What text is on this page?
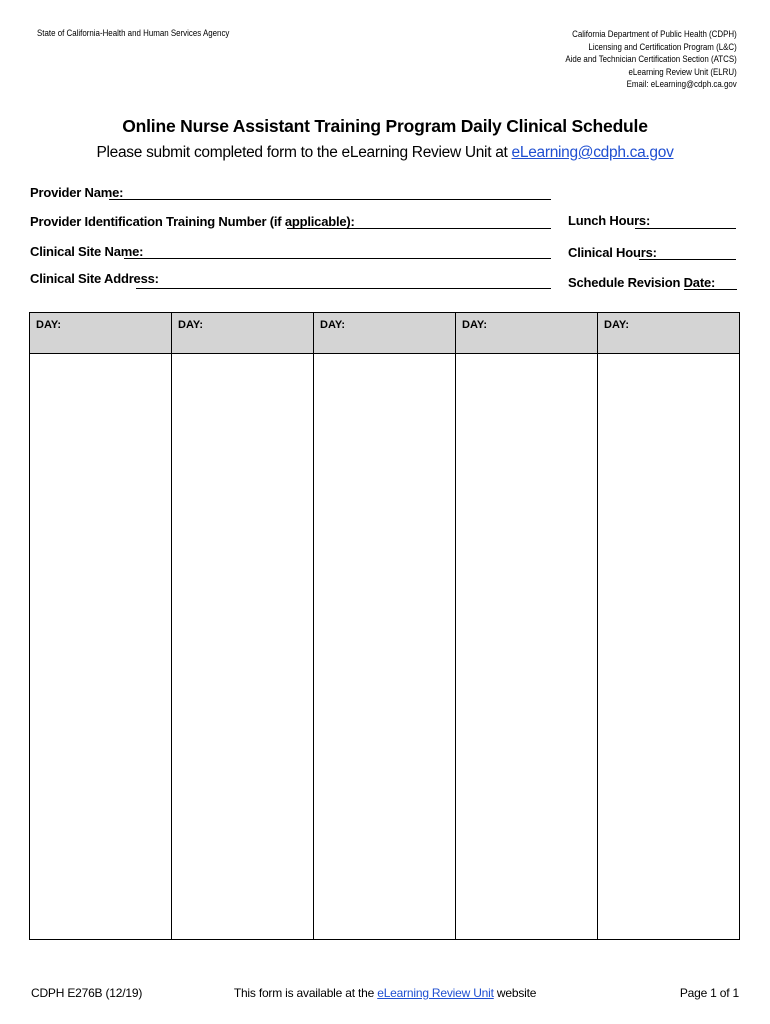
State of California-Health and Human Services Agency	California Department of Public Health (CDPH)
Licensing and Certification Program (L&C)
Aide and Technician Certification Section (ATCS)
eLearning Review Unit (ELRU)
Email: eLearning@cdph.ca.gov
Online Nurse Assistant Training Program Daily Clinical Schedule
Please submit completed form to the eLearning Review Unit at eLearning@cdph.ca.gov
Provider Name:
Provider Identification Training Number (if applicable):
Clinical Site Name:
Clinical Site Address:
Lunch Hours:
Clinical Hours:
Schedule Revision Date:
DAY:	DAY:	DAY:	DAY:	DAY:
CDPH E276B (12/19)	This form is available at the eLearning Review Unit website	Page 1 of 1
